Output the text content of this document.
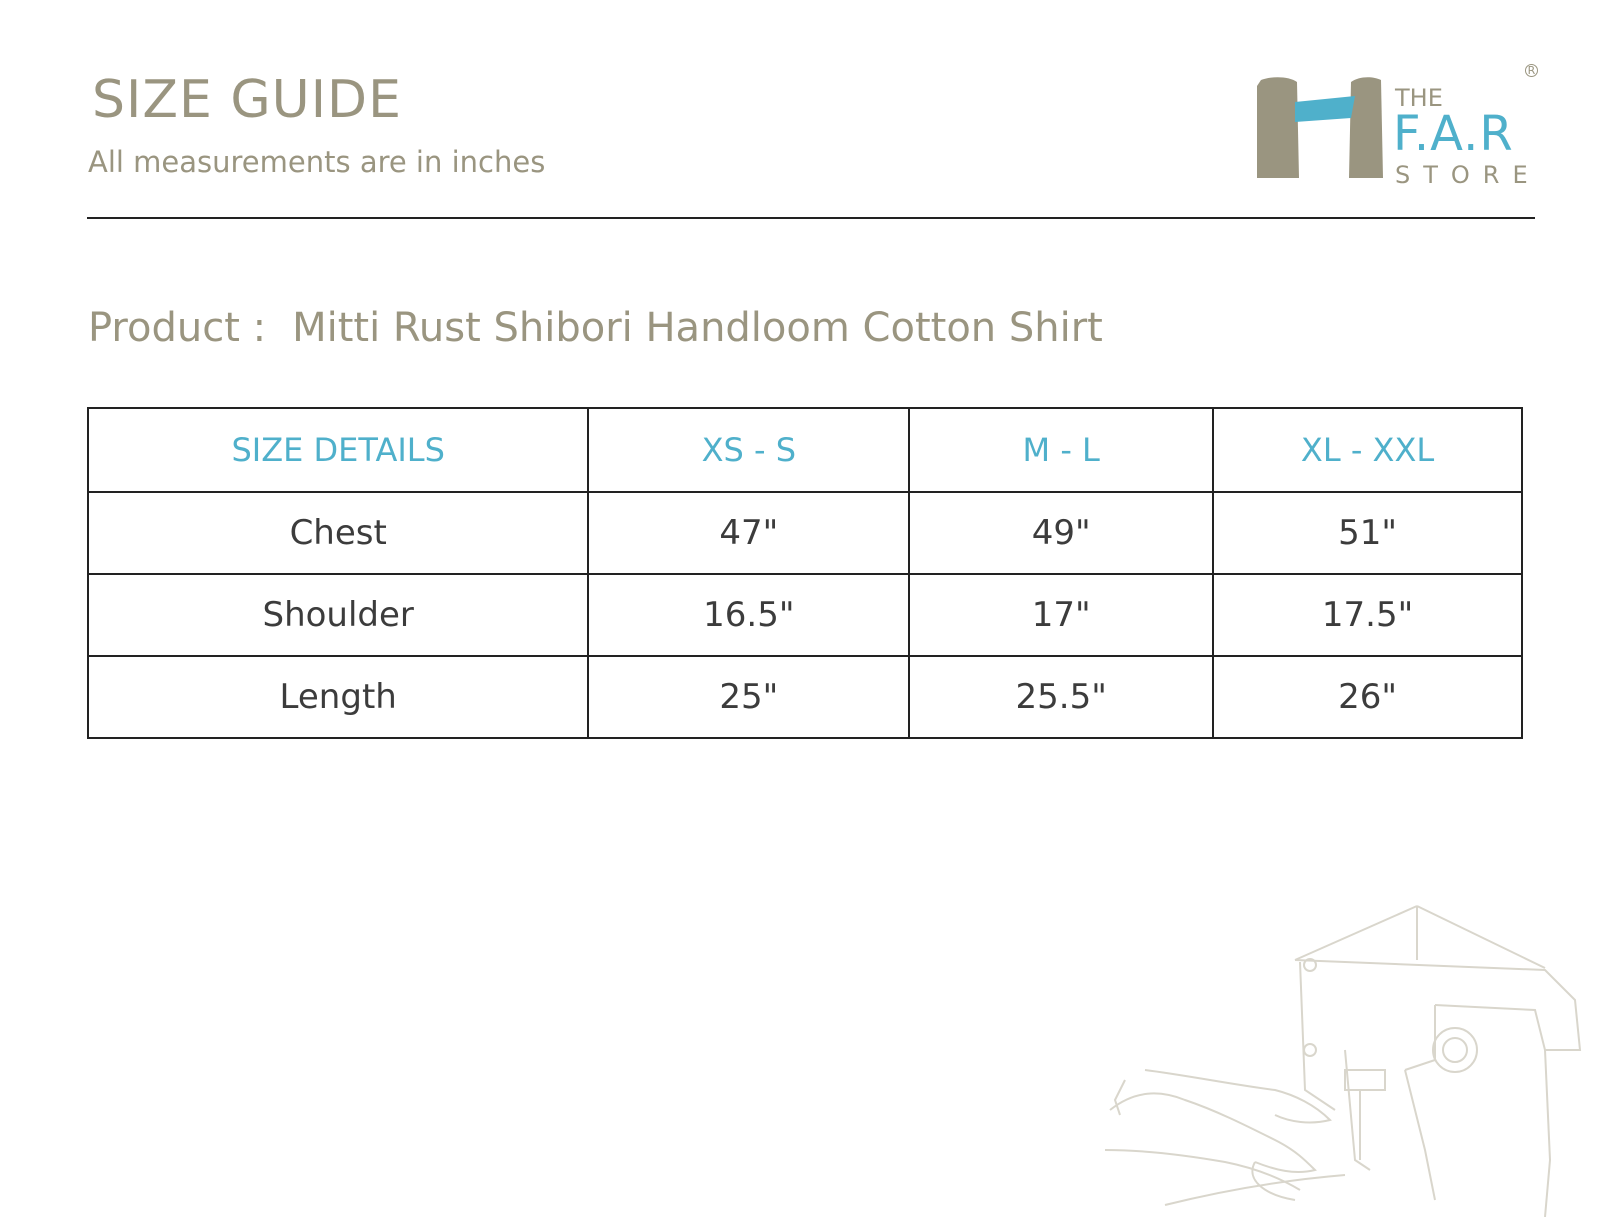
SIZE GUIDE
All measurements are in inches
THE
F.A.R
STORE
R
Product : Mitti Rust Shibori Handloom Cotton Shirt
SIZE DETAILS	XS - S	M - L	XL - XXL
Chest	47"	49"	51"
Shoulder	16.5"	17"	17.5"
Length	25"	25.5"	26"
